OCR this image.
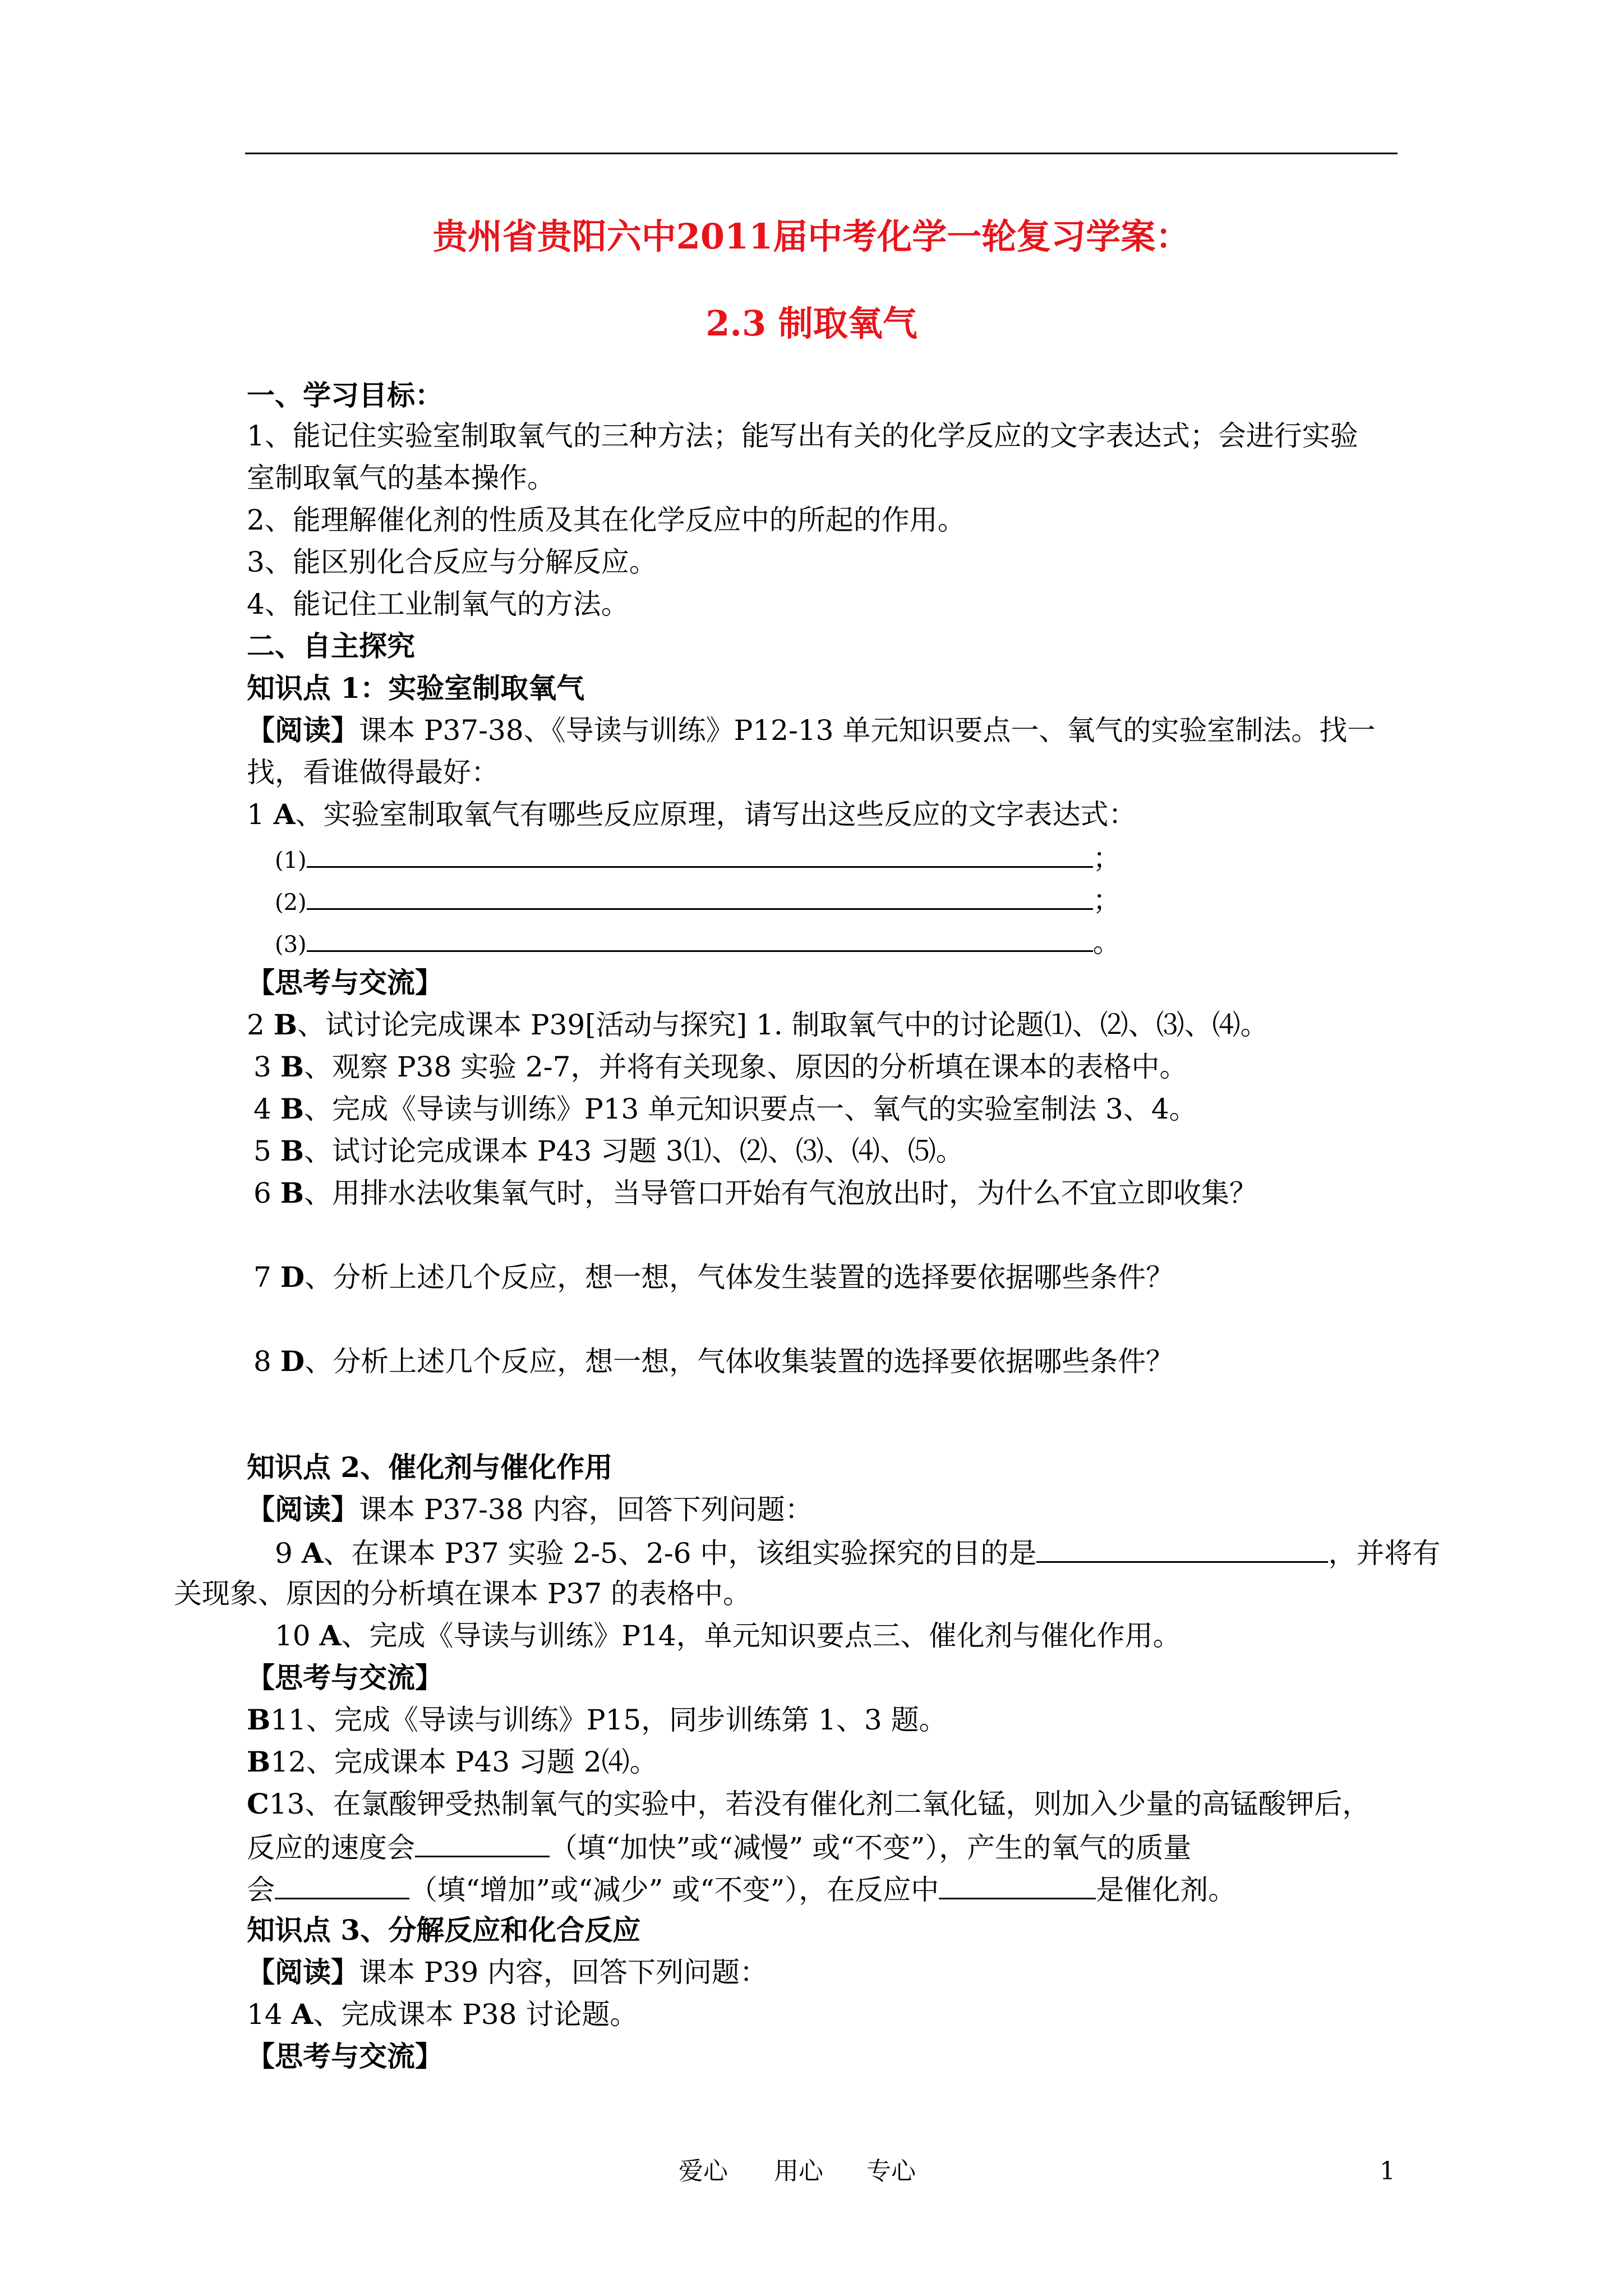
贵州省贵阳六中2011届中考化学一轮复习学案：
2.3 制取氧气
一、学习目标：
1、能记住实验室制取氧气的三种方法；能写出有关的化学反应的文字表达式；会进行实验
室制取氧气的基本操作。
2、能理解催化剂的性质及其在化学反应中的所起的作用。
3、能区别化合反应与分解反应。
4、能记住工业制氧气的方法。
二、自主探究
知识点 1：实验室制取氧气
【阅读】课本 P37-38、《导读与训练》P12-13 单元知识要点一、氧气的实验室制法。找一
找，看谁做得最好：
1 A、实验室制取氧气有哪些反应原理，请写出这些反应的文字表达式：
(1)	；
(2)	；
(3)	。
【思考与交流】
2 B、试讨论完成课本 P39[活动与探究] 1. 制取氧气中的讨论题⑴、⑵、⑶、⑷。
3 B、观察 P38 实验 2-7，并将有关现象、原因的分析填在课本的表格中。
4 B、完成《导读与训练》P13 单元知识要点一、氧气的实验室制法 3、4。
5 B、试讨论完成课本 P43 习题 3⑴、⑵、⑶、⑷、⑸。
6 B、用排水法收集氧气时，当导管口开始有气泡放出时，为什么不宜立即收集？
7 D、分析上述几个反应，想一想，气体发生装置的选择要依据哪些条件？
8 D、分析上述几个反应，想一想，气体收集装置的选择要依据哪些条件？
知识点 2、催化剂与催化作用
【阅读】课本 P37-38 内容，回答下列问题：
 9 A、在课本 P37 实验 2-5、2-6 中，该组实验探究的目的是	，并将有
关现象、原因的分析填在课本 P37 的表格中。
 10 A、完成《导读与训练》P14，单元知识要点三、催化剂与催化作用。
【思考与交流】
B11、完成《导读与训练》P15，同步训练第 1、3 题。
B12、完成课本 P43 习题 2⑷。
C13、在氯酸钾受热制氧气的实验中，若没有催化剂二氧化锰，则加入少量的高锰酸钾后，
反应的速度会	（填“加快”或“减慢” 或“不变”），产生的氧气的质量
会	（填“增加”或“减少” 或“不变”），在反应中	是催化剂。
知识点 3、分解反应和化合反应
【阅读】课本 P39 内容，回答下列问题：
14 A、完成课本 P38 讨论题。
【思考与交流】
爱心 用心 专心	1
